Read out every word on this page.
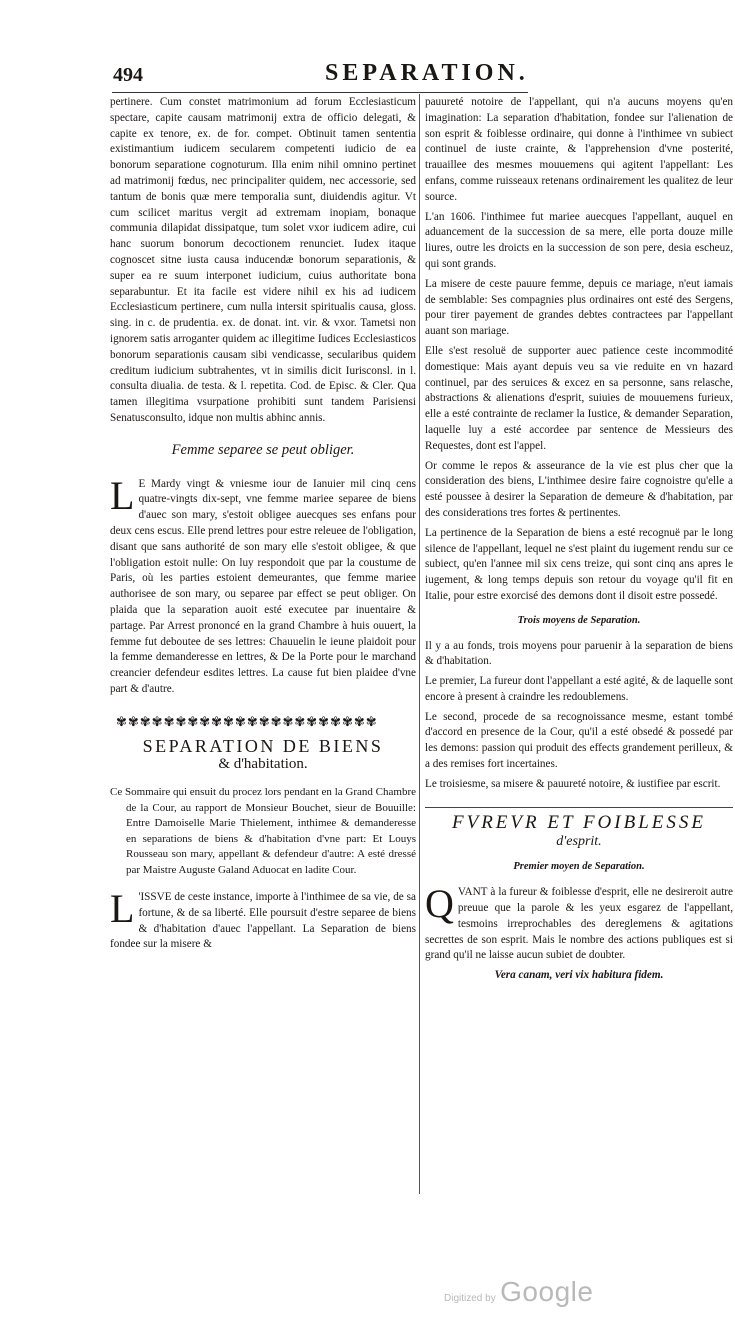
494	SEPARATION.

pertinere. Cum constet matrimonium ad forum Ecclesiasticum spectare, capite causam matrimonij extra de officio delegati, & capite ex tenore, ex. de for. compet. Obtinuit tamen sententia existimantium iudicem secularem competenti iudicio de ea bonorum separatione cognoturum. Illa enim nihil omnino pertinet ad matrimonij fœdus, nec principaliter quidem, nec accessorie, sed tantum de bonis quæ mere temporalia sunt, diuidendis agitur. Vt cum scilicet maritus vergit ad extremam inopiam, bonaque communia dilapidat dissipatque, tum solet vxor iudicem adire, cui hanc suorum bonorum decoctionem renunciet. Iudex itaque cognoscet sitne iusta causa inducendæ bonorum separationis, & super ea re suum interponet iudicium, cuius authoritate bona separabuntur. Et ita facile est videre nihil ex his ad iudicem Ecclesiasticum pertinere, cum nulla intersit spiritualis causa, gloss. sing. in c. de prudentia. ex. de donat. int. vir. & vxor. Tametsi non ignorem satis arroganter quidem ac illegitime Iudices Ecclesiasticos bonorum separationis causam sibi vendicasse, secularibus quidem creditum iudicium subtrahentes, vt in similis dicit Iurisconsl. in l. consulta diualia. de testa. & l. repetita. Cod. de Episc. & Cler. Qua tamen illegitima vsurpatione prohibiti sunt tandem Parisiensi Senatusconsulto, idque non multis abhinc annis.

Femme separee se peut obliger.

L E Mardy vingt & vniesme iour de Ianuier mil cinq cens quatre-vingts dix-sept, vne femme mariee separee de biens d'auec son mary, s'estoit obligee auecques ses enfans pour deux cens escus. Elle prend lettres pour estre releuee de l'obligation, disant que sans authorité de son mary elle s'estoit obligee, & que l'obligation estoit nulle: On luy respondoit que par la coustume de Paris, où les parties estoient demeurantes, que femme mariee authorisee de son mary, ou separee par effect se peut obliger. On plaida que la separation auoit esté executee par inuentaire & partage. Par Arrest prononcé en la grand Chambre à huis ouuert, la femme fut deboutee de ses lettres: Chauuelin le ieune plaidoit pour la femme demanderesse en lettres, & De la Porte pour le marchand creancier defendeur esdites lettres. La cause fut bien plaidee d'vne part & d'autre.

✾✾✾✾✾✾✾✾✾✾✾✾✾✾✾✾✾✾✾✾✾✾
SEPARATION DE BIENS
& d'habitation.

Ce Sommaire qui ensuit du procez lors pendant en la Grand Chambre de la Cour, au rapport de Monsieur Bouchet, sieur de Bouuille: Entre Damoiselle Marie Thielement, inthimee & demanderesse en separations de biens & d'habitation d'vne part: Et Louys Rousseau son mary, appellant & defendeur d'autre: A esté dressé par Maistre Auguste Galand Aduocat en ladite Cour.

L 'ISSVE de ceste instance, importe à l'inthimee de sa vie, de sa fortune, & de sa liberté. Elle poursuit d'estre separee de biens & d'habitation d'auec l'appellant. La Separation de biens fondee sur la misere &

pauureté notoire de l'appellant, qui n'a aucuns moyens qu'en imagination: La separation d'habitation, fondee sur l'alienation de son esprit & foiblesse ordinaire, qui donne à l'inthimee vn subiect continuel de iuste crainte, & l'apprehension d'vne posterité, trauaillee des mesmes mouuemens qui agitent l'appellant: Les enfans, comme ruisseaux retenans ordinairement les qualitez de leur source.

L'an 1606. l'inthimee fut mariee auecques l'appellant, auquel en aduancement de la succession de sa mere, elle porta douze mille liures, outre les droicts en la succession de son pere, desia escheuz, qui sont grands.

La misere de ceste pauure femme, depuis ce mariage, n'eut iamais de semblable: Ses compagnies plus ordinaires ont esté des Sergens, pour tirer payement de grandes debtes contractees par l'appellant auant son mariage.

Elle s'est resoluë de supporter auec patience ceste incommodité domestique: Mais ayant depuis veu sa vie reduite en vn hazard continuel, par des seruices & excez en sa personne, sans relasche, abstractions & alienations d'esprit, suiuies de mouuemens furieux, elle a esté contrainte de reclamer la Iustice, & demander Separation, laquelle luy a esté accordee par sentence de Messieurs des Requestes, dont est l'appel.

Or comme le repos & asseurance de la vie est plus cher que la consideration des biens, L'inthimee desire faire cognoistre qu'elle a esté poussee à desirer la Separation de demeure & d'habitation, par des considerations tres fortes & pertinentes.

La pertinence de la Separation de biens a esté recognuë par le long silence de l'appellant, lequel ne s'est plaint du iugement rendu sur ce subiect, qu'en l'annee mil six cens treize, qui sont cinq ans apres le iugement, & long temps depuis son retour du voyage qu'il fit en Italie, pour estre exorcisé des demons dont il disoit estre possedé.

Trois moyens de Separation.

Il y a au fonds, trois moyens pour paruenir à la separation de biens & d'habitation.

Le premier, La fureur dont l'appellant a esté agité, & de laquelle sont encore à present à craindre les redoublemens.

Le second, procede de sa recognoissance mesme, estant tombé d'accord en presence de la Cour, qu'il a esté obsedé & possedé par les demons: passion qui produit des effects grandement perilleux, & a des remises fort incertaines.

Le troisiesme, sa misere & pauureté notoire, & iustifiee par escrit.

FVREVR ET FOIBLESSE
d'esprit.
Premier moyen de Separation.

QVANT à la fureur & foiblesse d'esprit, elle ne desireroit autre preuue que la parole & les yeux esgarez de l'appellant, tesmoins irreprochables des dereglemens & agitations secrettes de son esprit. Mais le nombre des actions publiques est si grand qu'il ne laisse aucun subiet de doubter.

Vera canam, veri vix habitura fidem.
Digitized by Google
